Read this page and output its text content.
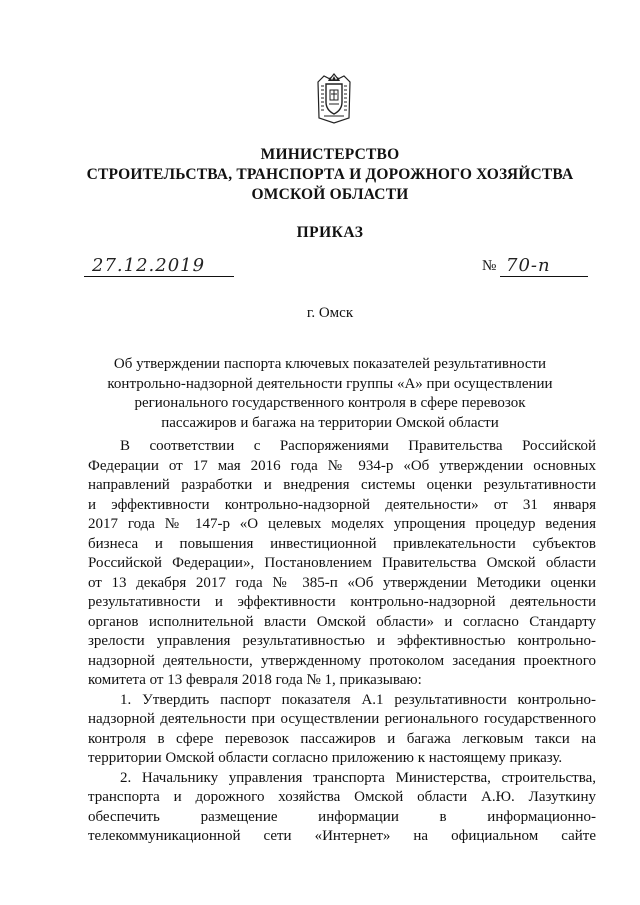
МИНИСТЕРСТВО
СТРОИТЕЛЬСТВА, ТРАНСПОРТА И ДОРОЖНОГО ХОЗЯЙСТВА
ОМСКОЙ ОБЛАСТИ
ПРИКАЗ
27.12.2019	№ 70-п
г. Омск
Об утверждении паспорта ключевых показателей результативности
контрольно-надзорной деятельности группы «А» при осуществлении
регионального государственного контроля в сфере перевозок
пассажиров и багажа на территории Омской области

В соответствии с Распоряжениями Правительства Российской

Федерации от 17 мая 2016 года № 934-р «Об утверждении основных

направлений разработки и внедрения системы оценки результативности

и эффективности контрольно-надзорной деятельности» от 31 января

2017 года № 147-р «О целевых моделях упрощения процедур ведения

бизнеса и повышения инвестиционной привлекательности субъектов

Российской Федерации», Постановлением Правительства Омской области

от 13 декабря 2017 года № 385-п «Об утверждении Методики оценки

результативности и эффективности контрольно-надзорной деятельности

органов исполнительной власти Омской области» и согласно Стандарту

зрелости управления результативностью и эффективностью контрольно-

надзорной деятельности, утвержденному протоколом заседания проектного

комитета от 13 февраля 2018 года № 1, приказываю:

1. Утвердить паспорт показателя А.1 результативности контрольно-

надзорной деятельности при осуществлении регионального государственного

контроля в сфере перевозок пассажиров и багажа легковым такси на

территории Омской области согласно приложению к настоящему приказу.

2. Начальнику управления транспорта Министерства, строительства,

транспорта и дорожного хозяйства Омской области А.Ю. Лазуткину

обеспечить размещение информации в информационно-

телекоммуникационной сети «Интернет» на официальном сайте
